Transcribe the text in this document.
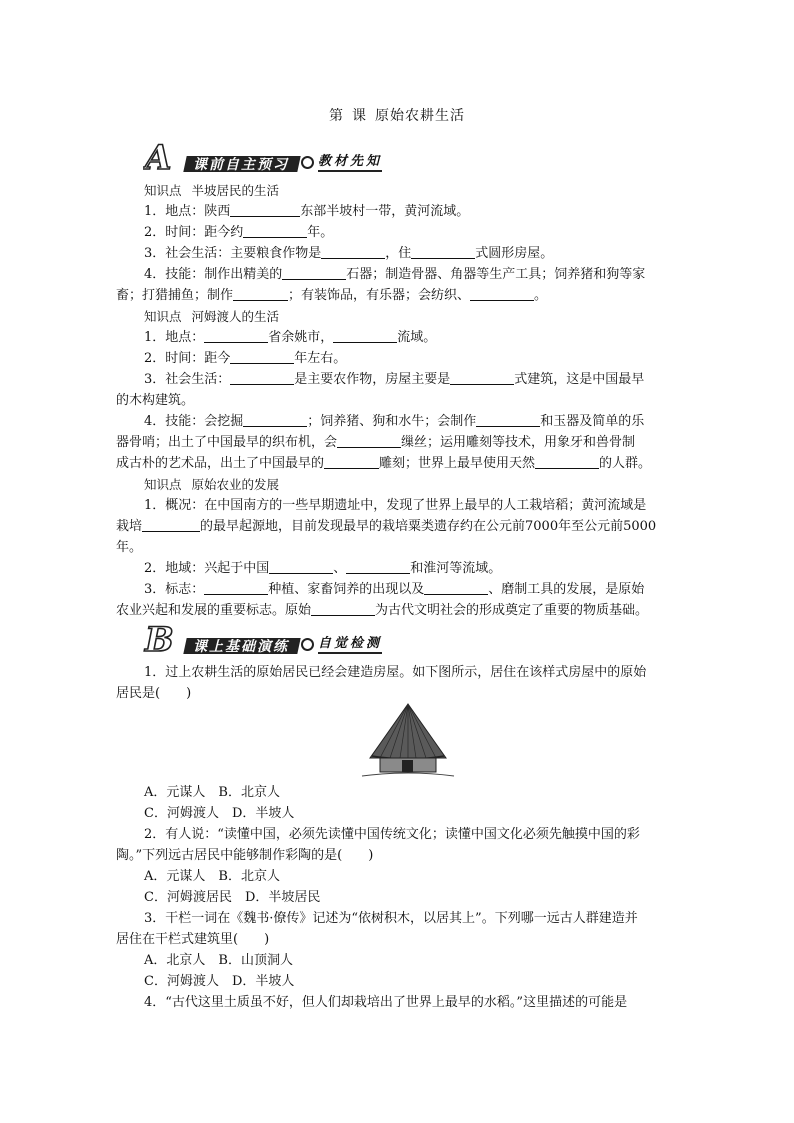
第 课 原始农耕生活
A 课前自主预习 教材先知

知识点 半坡居民的生活

1．地点：陕西	东部半坡村一带，黄河流域。

2．时间：距今约	年。

3．社会生活：主要粮食作物是	，住	式圆形房屋。

4．技能：制作出精美的	石器；制造骨器、角器等生产工具；饲养猪和狗等家

畜；打猎捕鱼；制作	；有装饰品，有乐器；会纺织、	。

知识点 河姆渡人的生活

1．地点：	省余姚市，	流域。

2．时间：距今	年左右。

3．社会生活：	是主要农作物，房屋主要是	式建筑，这是中国最早

的木构建筑。

4．技能：会挖掘	；饲养猪、狗和水牛；会制作	和玉器及简单的乐

器骨哨；出土了中国最早的织布机，会	缫丝；运用雕刻等技术，用象牙和兽骨制

成古朴的艺术品，出土了中国最早的	雕刻；世界上最早使用天然	的人群。

知识点 原始农业的发展

1．概况：在中国南方的一些早期遗址中，发现了世界上最早的人工栽培稻；黄河流域是

栽培	的最早起源地，目前发现最早的栽培粟类遗存约在公元前7000年至公元前5000

年。

2．地域：兴起于中国	、	和淮河等流域。

3．标志：	种植、家畜饲养的出现以及	、磨制工具的发展，是原始

农业兴起和发展的重要标志。原始	为古代文明社会的形成奠定了重要的物质基础。

B 课上基础演练 自觉检测

1．过上农耕生活的原始居民已经会建造房屋。如下图所示，居住在该样式房屋中的原始

居民是(　　)

A．元谋人　B．北京人

C．河姆渡人　D．半坡人

2．有人说：“读懂中国，必须先读懂中国传统文化；读懂中国文化必须先触摸中国的彩

陶。”下列远古居民中能够制作彩陶的是(　　)

A．元谋人　B．北京人

C．河姆渡居民　D．半坡居民

3．干栏一词在《魏书·僚传》记述为“依树积木，以居其上”。下列哪一远古人群建造并

居住在干栏式建筑里(　　)

A．北京人　B．山顶洞人

C．河姆渡人　D．半坡人

4．“古代这里土质虽不好，但人们却栽培出了世界上最早的水稻。”这里描述的可能是
